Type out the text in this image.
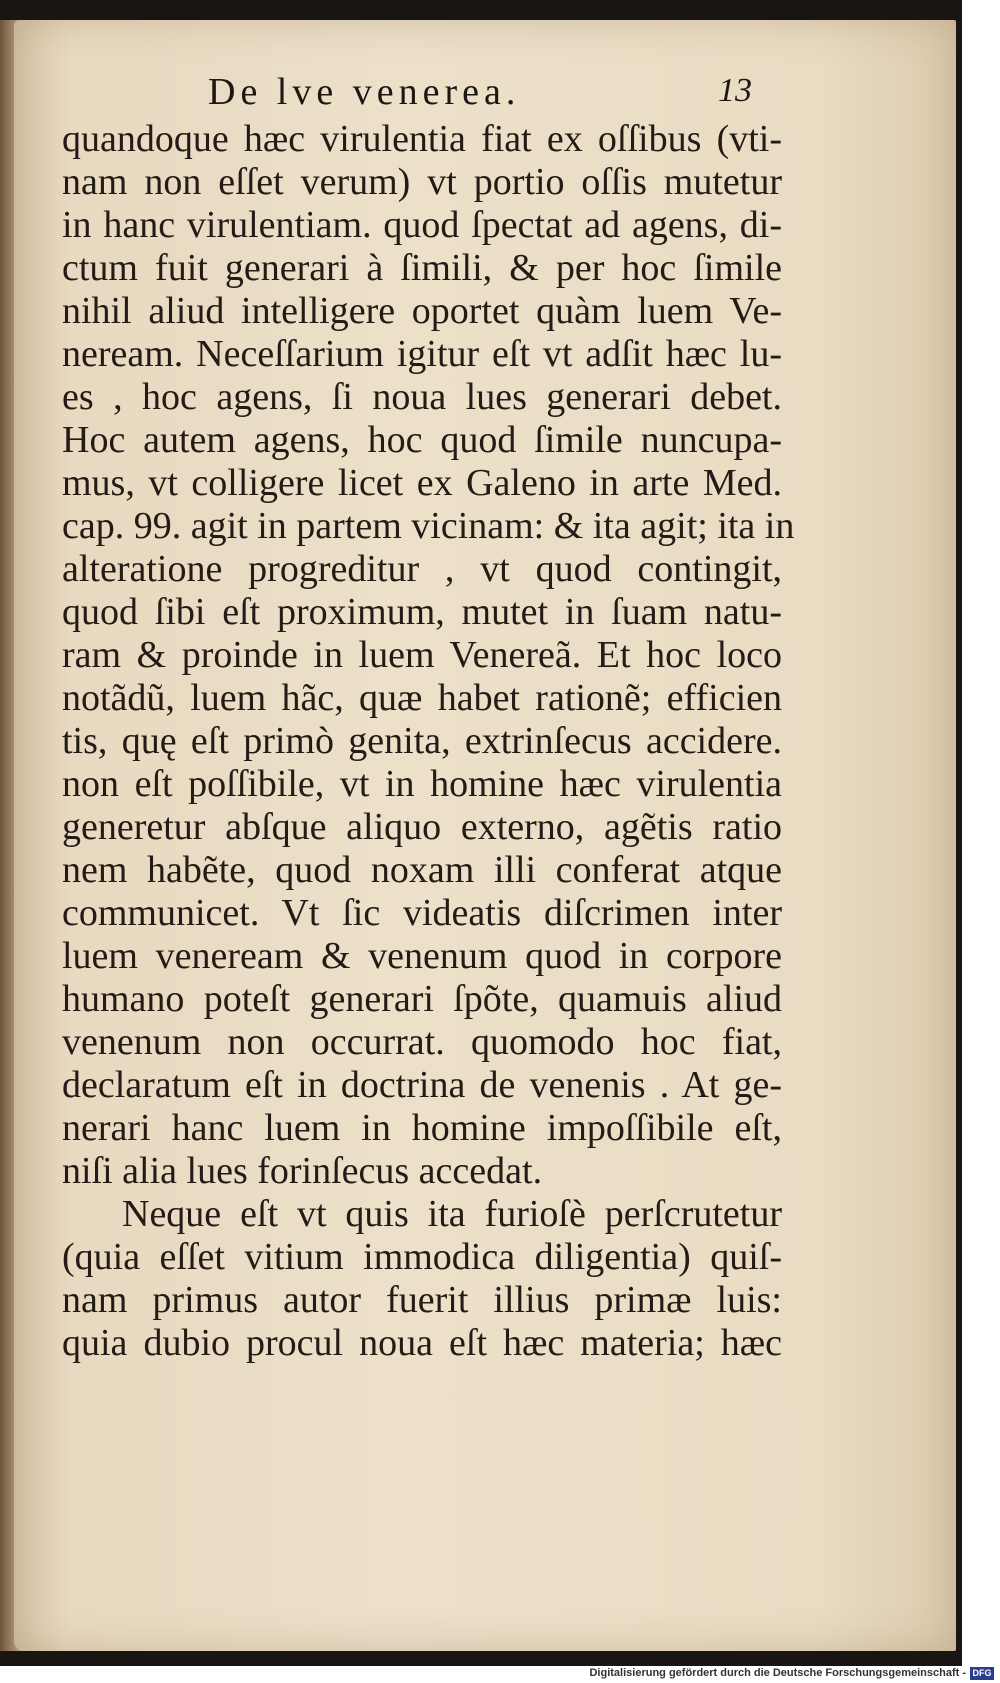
De lve venerea.	13
quandoque hæc virulentia fiat ex oſſibus (vti-
nam non eſſet verum) vt portio oſſis mutetur
in hanc virulentiam. quod ſpectat ad agens, di-
ctum fuit generari à ſimili, & per hoc ſimile
nihil aliud intelligere oportet quàm luem Ve-
neream. Neceſſarium igitur eſt vt adſit hæc lu-
es , hoc agens, ſi noua lues generari debet.
Hoc autem agens, hoc quod ſimile nuncupa-
mus, vt colligere licet ex Galeno in arte Med.
cap. 99. agit in partem vicinam: & ita agit; ita in
alteratione progreditur , vt quod contingit,
quod ſibi eſt proximum, mutet in ſuam natu-
ram & proinde in luem Venereã. Et hoc loco
notãdũ, luem hãc, quæ habet rationẽ; efficien
tis, quę eſt primò genita, extrinſecus accidere.
non eſt poſſibile, vt in homine hæc virulentia
generetur abſque aliquo externo, agẽtis ratio
nem habẽte, quod noxam illi conferat atque
communicet. Vt ſic videatis diſcrimen inter
luem veneream & venenum quod in corpore
humano poteſt generari ſpõte, quamuis aliud
venenum non occurrat. quomodo hoc fiat,
declaratum eſt in doctrina de venenis . At ge-
nerari hanc luem in homine impoſſibile eſt,
niſi alia lues forinſecus accedat.
Neque eſt vt quis ita furioſè perſcrutetur
(quia eſſet vitium immodica diligentia) quiſ-
nam primus autor fuerit illius primæ luis:
quia dubio procul noua eſt hæc materia; hæc
Digitalisierung gefördert durch die Deutsche Forschungsgemeinschaft - DFG
